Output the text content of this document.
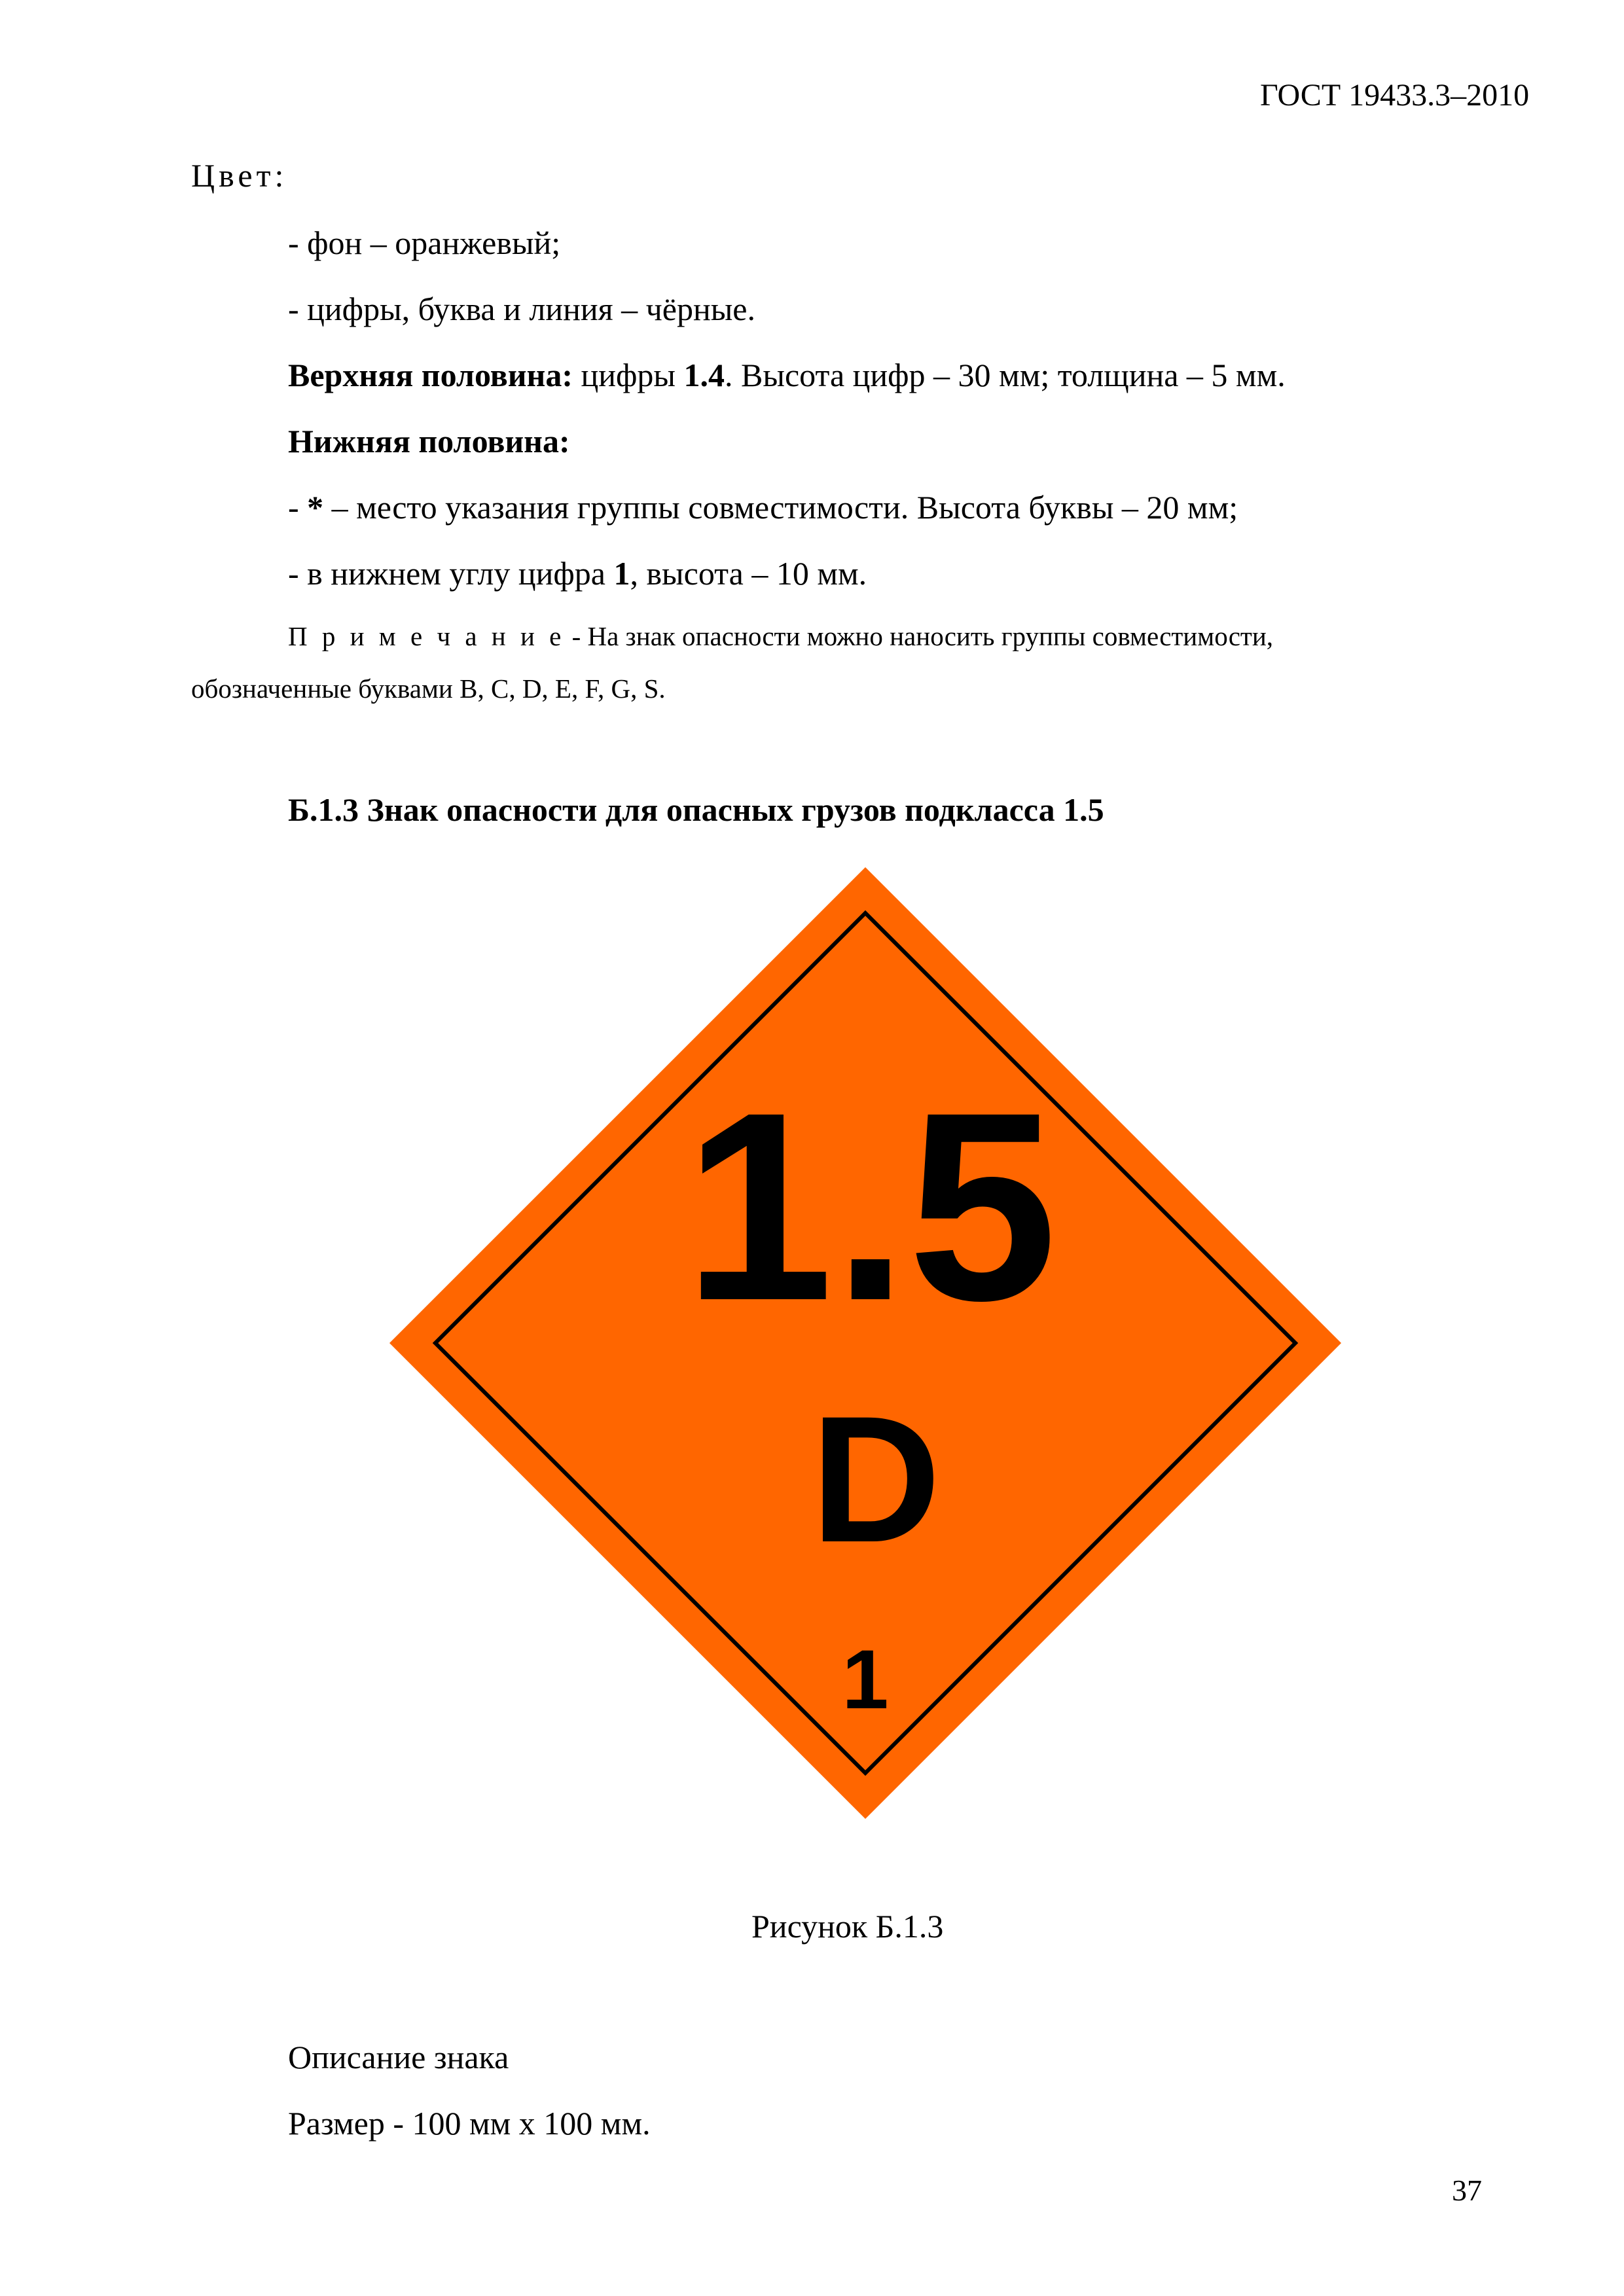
ГОСТ 19433.3–2010
Цвет:
- фон – оранжевый;
- цифры, буква и линия – чёрные.
Верхняя половина: цифры 1.4. Высота цифр – 30 мм; толщина – 5 мм.
Нижняя половина:
- * – место указания группы совместимости. Высота буквы – 20 мм;
- в нижнем углу цифра 1, высота – 10 мм.
П р и м е ч а н и е - На знак опасности можно наносить группы совместимости,
обозначенные буквами B, C, D, E, F, G, S.
Б.1.3 Знак опасности для опасных грузов подкласса 1.5
1.5
D
1
Рисунок Б.1.3
Описание знака
Размер - 100 мм х 100 мм.
37
